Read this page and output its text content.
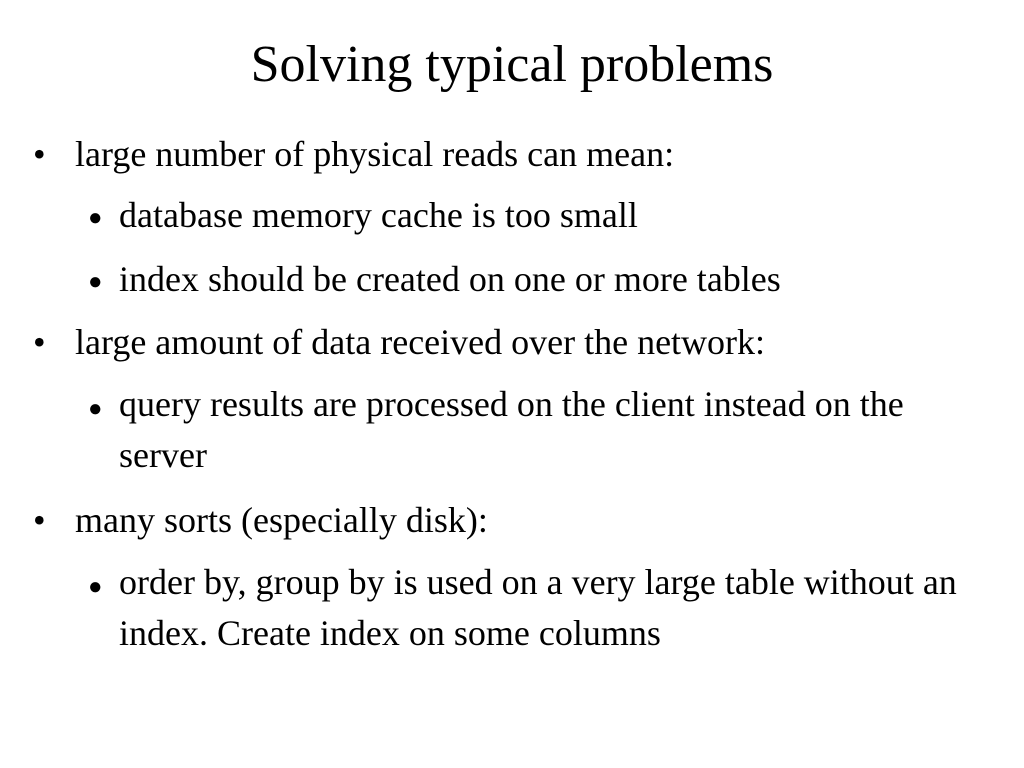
Solving typical problems
• large number of physical reads can mean:
● database memory cache is too small
● index should be created on one or more tables
• large amount of data received over the network:
● query results are processed on the client instead on the server
• many sorts (especially disk):
● order by, group by is used on a very large table without an index. Create index on some columns
